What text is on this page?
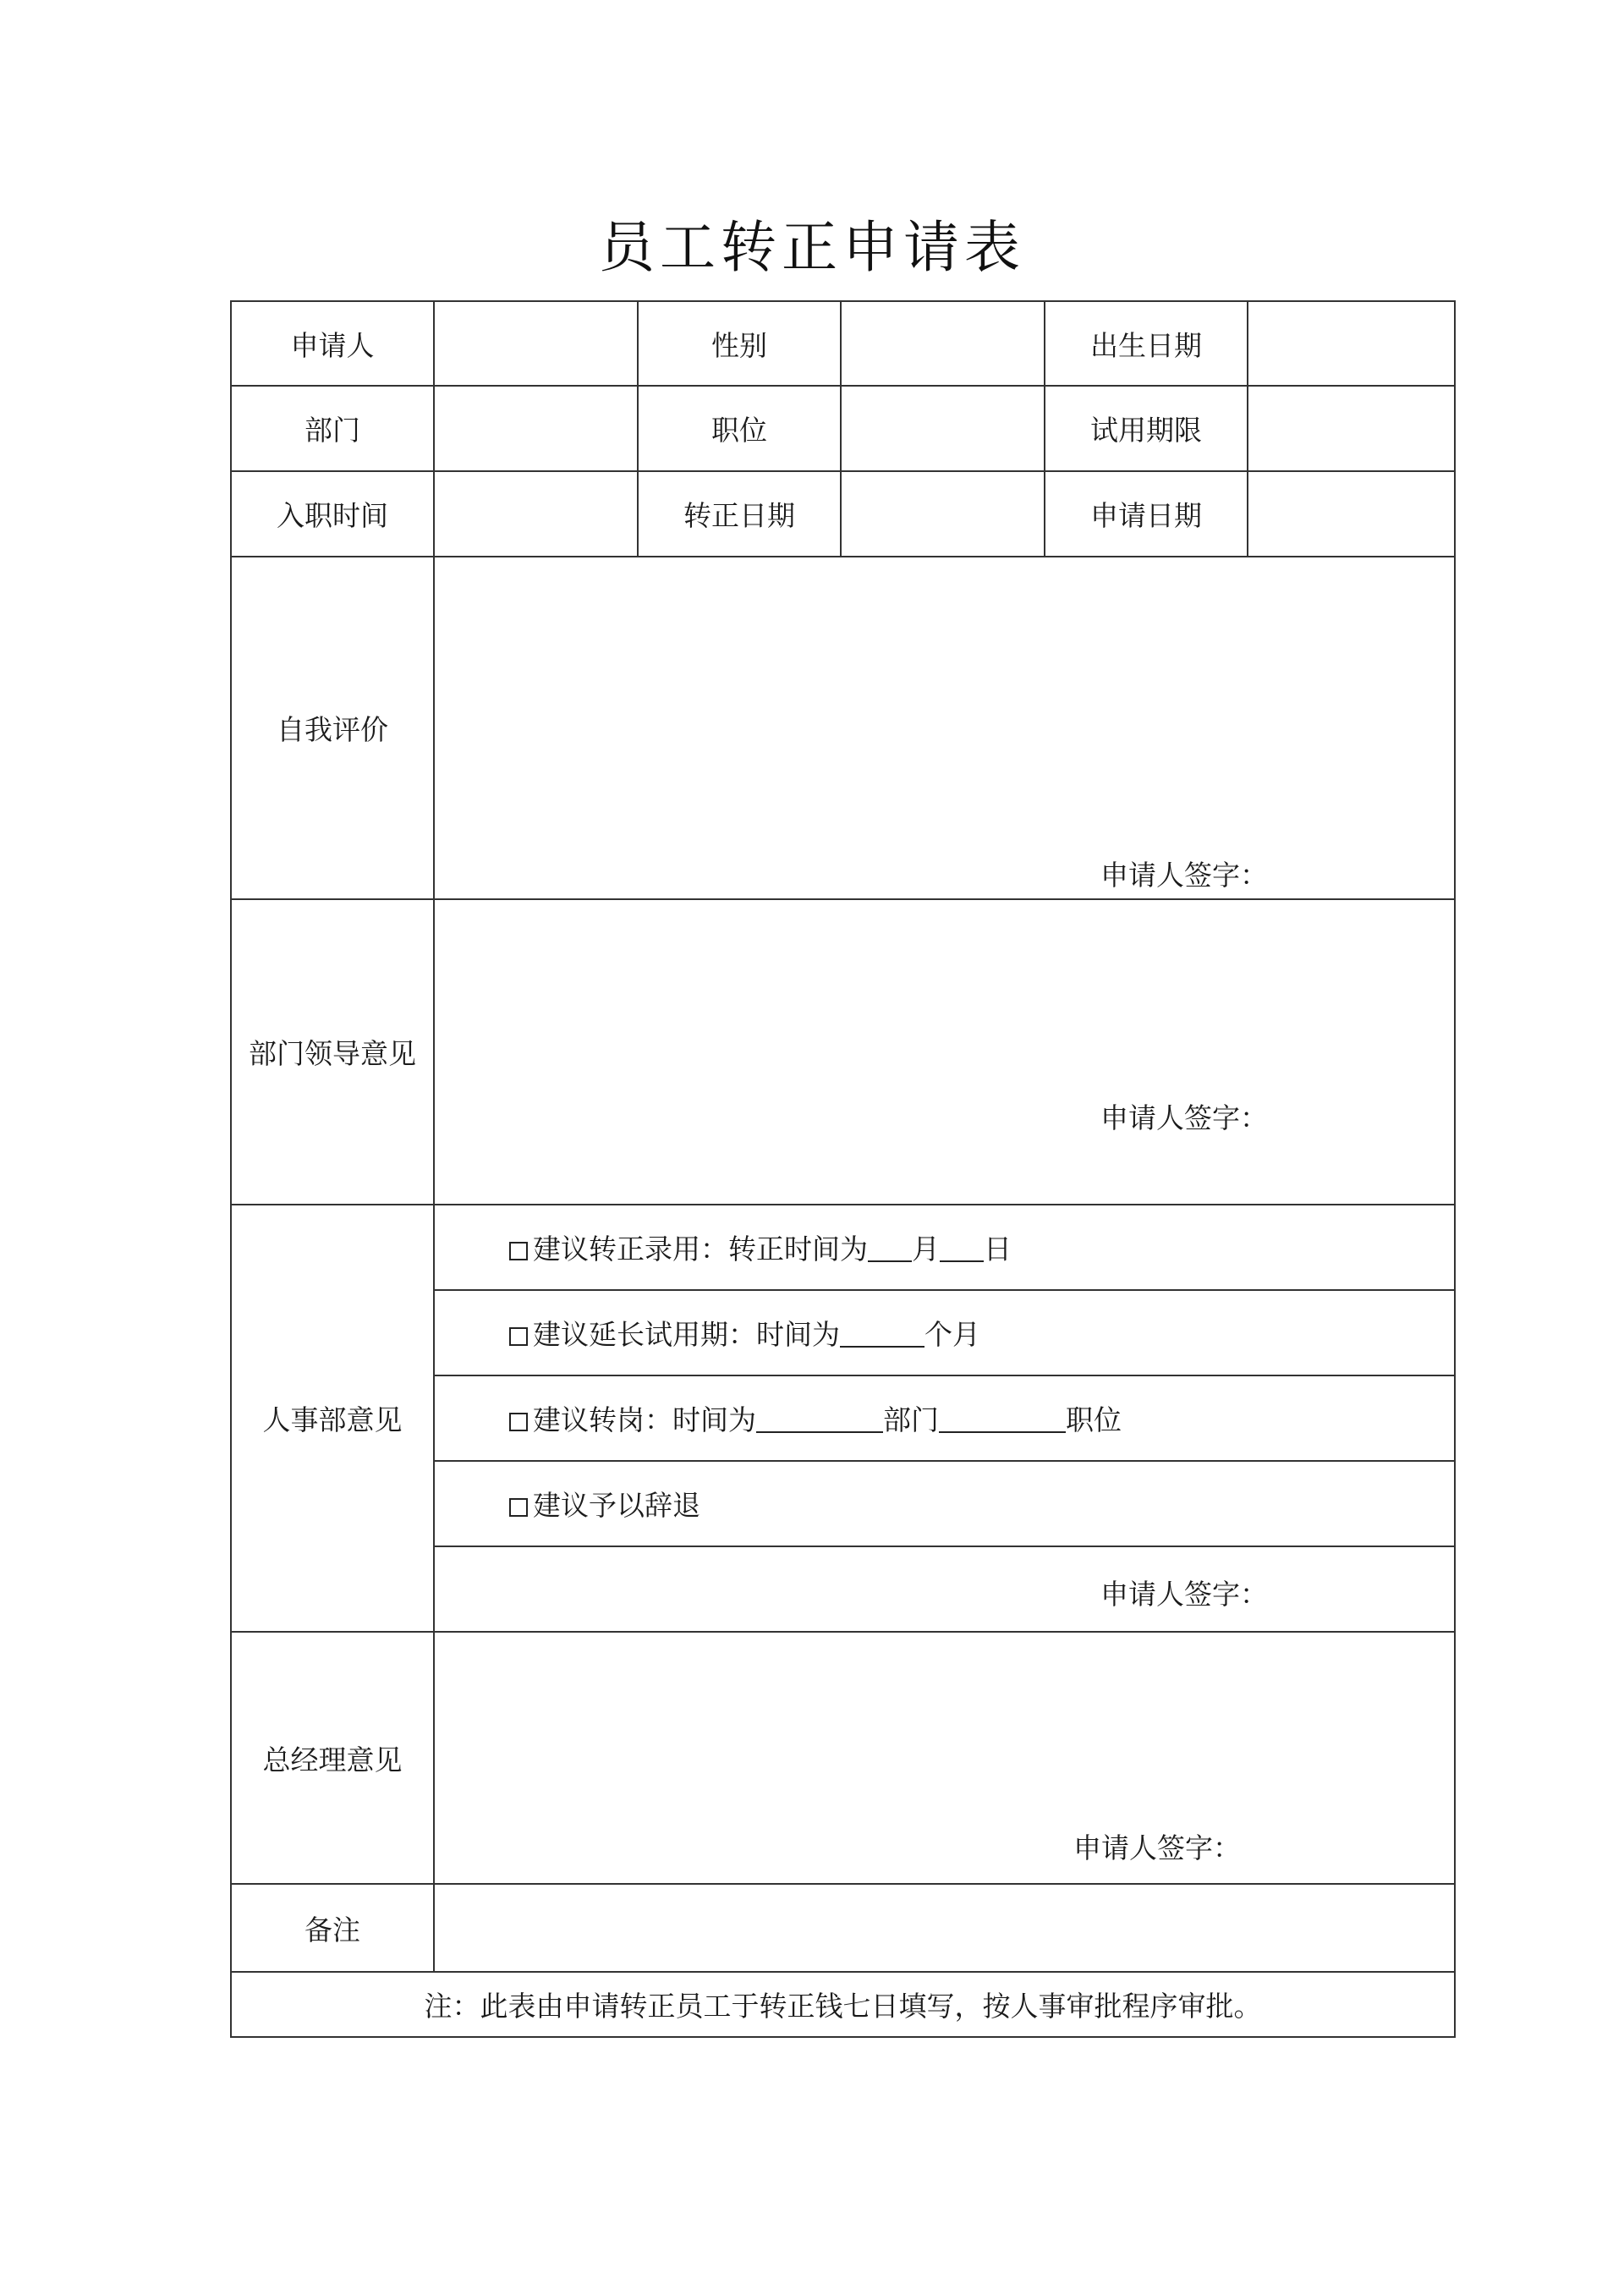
员工转正申请表
申请人		性别		出生日期	
部门		职位		试用期限	
入职时间		转正日期		申请日期	
自我评价	申请人签字：				

部门领导意见	申请人签字：				

人事部意见	建议转正录用：转正时间为 月 日				
	建议延长试用期：时间为 个月				
	建议转岗：时间为 部门 职位				
	建议予以辞退				

	申请人签字：				

总经理意见	申请人签字：				

备注					
注：此表由申请转正员工于转正钱七日填写，按人事审批程序审批。					
